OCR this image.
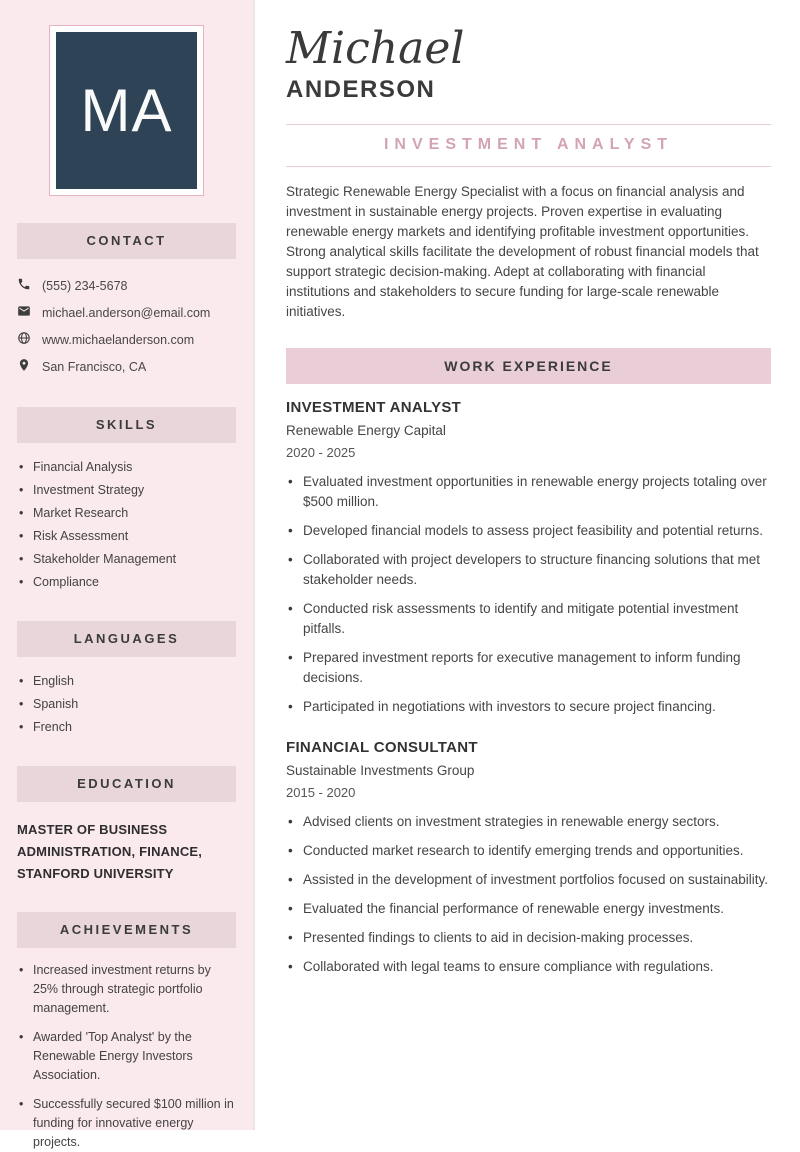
MA
CONTACT
(555) 234-5678
michael.anderson@email.com
www.michaelanderson.com
San Francisco, CA
SKILLS
• Financial Analysis
• Investment Strategy
• Market Research
• Risk Assessment
• Stakeholder Management
• Compliance
LANGUAGES
• English
• Spanish
• French
EDUCATION
MASTER OF BUSINESS ADMINISTRATION, FINANCE, STANFORD UNIVERSITY
ACHIEVEMENTS
• Increased investment returns by 25% through strategic portfolio management.
• Awarded 'Top Analyst' by the Renewable Energy Investors Association.
• Successfully secured $100 million in funding for innovative energy projects.
Michael
ANDERSON
INVESTMENT ANALYST

Strategic Renewable Energy Specialist with a focus on financial analysis and investment in sustainable energy projects. Proven expertise in evaluating renewable energy markets and identifying profitable investment opportunities. Strong analytical skills facilitate the development of robust financial models that support strategic decision-making. Adept at collaborating with financial institutions and stakeholders to secure funding for large-scale renewable initiatives.

WORK EXPERIENCE
INVESTMENT ANALYST
Renewable Energy Capital
2020 - 2025
• Evaluated investment opportunities in renewable energy projects totaling over $500 million.
• Developed financial models to assess project feasibility and potential returns.
• Collaborated with project developers to structure financing solutions that met stakeholder needs.
• Conducted risk assessments to identify and mitigate potential investment pitfalls.
• Prepared investment reports for executive management to inform funding decisions.
• Participated in negotiations with investors to secure project financing.
FINANCIAL CONSULTANT
Sustainable Investments Group
2015 - 2020
• Advised clients on investment strategies in renewable energy sectors.
• Conducted market research to identify emerging trends and opportunities.
• Assisted in the development of investment portfolios focused on sustainability.
• Evaluated the financial performance of renewable energy investments.
• Presented findings to clients to aid in decision-making processes.
• Collaborated with legal teams to ensure compliance with regulations.
